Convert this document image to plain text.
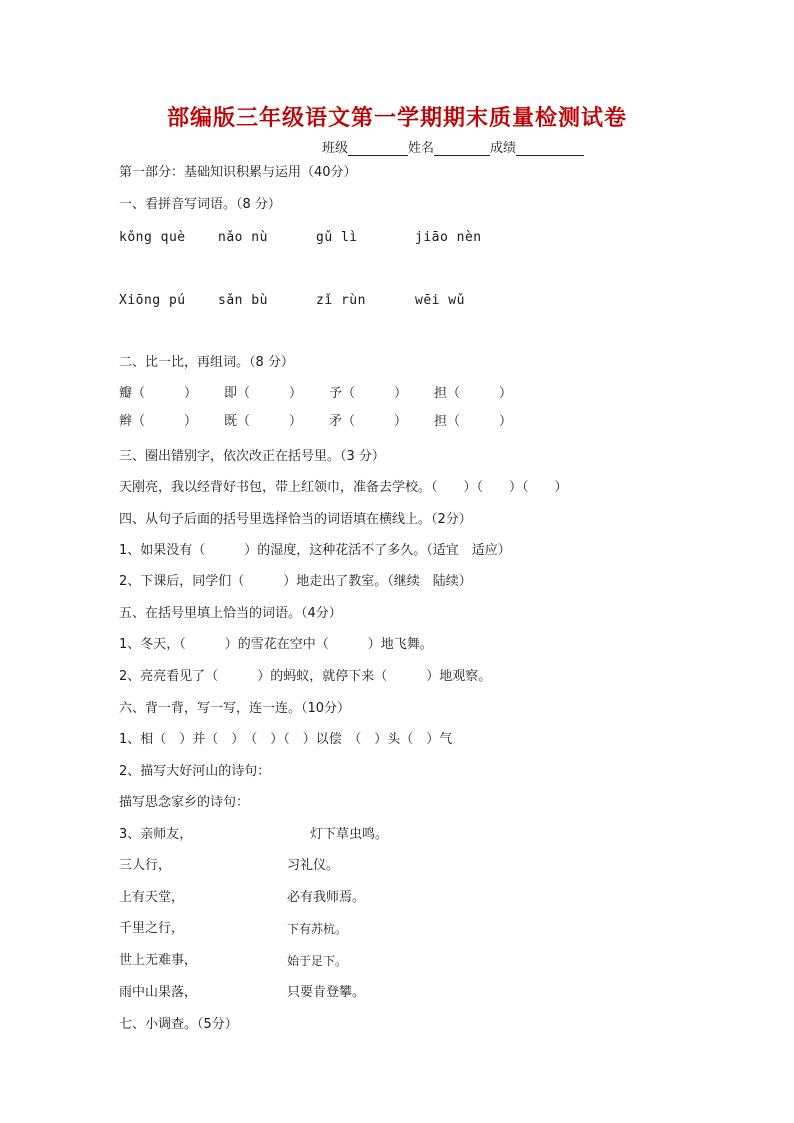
部编版三年级语文第一学期期末质量检测试卷
班级	姓名	成绩
第一部分：基础知识积累与运用（40分）
一、看拼音写词语。（8 分）
kǒng què nǎo nù	gǔ lì	jiāo nèn
Xiōng pú sǎn bù	zǐ rùn	wēi wǔ
二、比一比，再组词。（8 分）
瓣（　　　） 即（　　　） 予（　　　） 担（　　　）
辫（　　　） 既（　　　） 矛（　　　） 担（　　　）
三、圈出错别字，依次改正在括号里。（3 分）
天刚亮，我以经背好书包，带上红领巾，准备去学校。（　　）（　　）（　　）
四、从句子后面的括号里选择恰当的词语填在横线上。（2分）
1、如果没有（　　　）的湿度，这种花活不了多久。（适宜　适应）
2、下课后，同学们（　　　）地走出了教室。（继续　陆续）
五、在括号里填上恰当的词语。（4分）
1、冬天，（　　　）的雪花在空中（　　　）地飞舞。
2、亮亮看见了（　　　）的蚂蚁，就停下来（　　　）地观察。
六、背一背，写一写，连一连。（10分）
1、相（　）并（　）　（　）（　）以偿　（　）头（　）气
2、描写大好河山的诗句：
描写思念家乡的诗句：
3、亲师友，	灯下草虫鸣。
三人行，	习礼仪。
上有天堂，	必有我师焉。
千里之行，	下有苏杭。
世上无难事，	始于足下。
雨中山果落，	只要肯登攀。
七、小调查。（5分）
